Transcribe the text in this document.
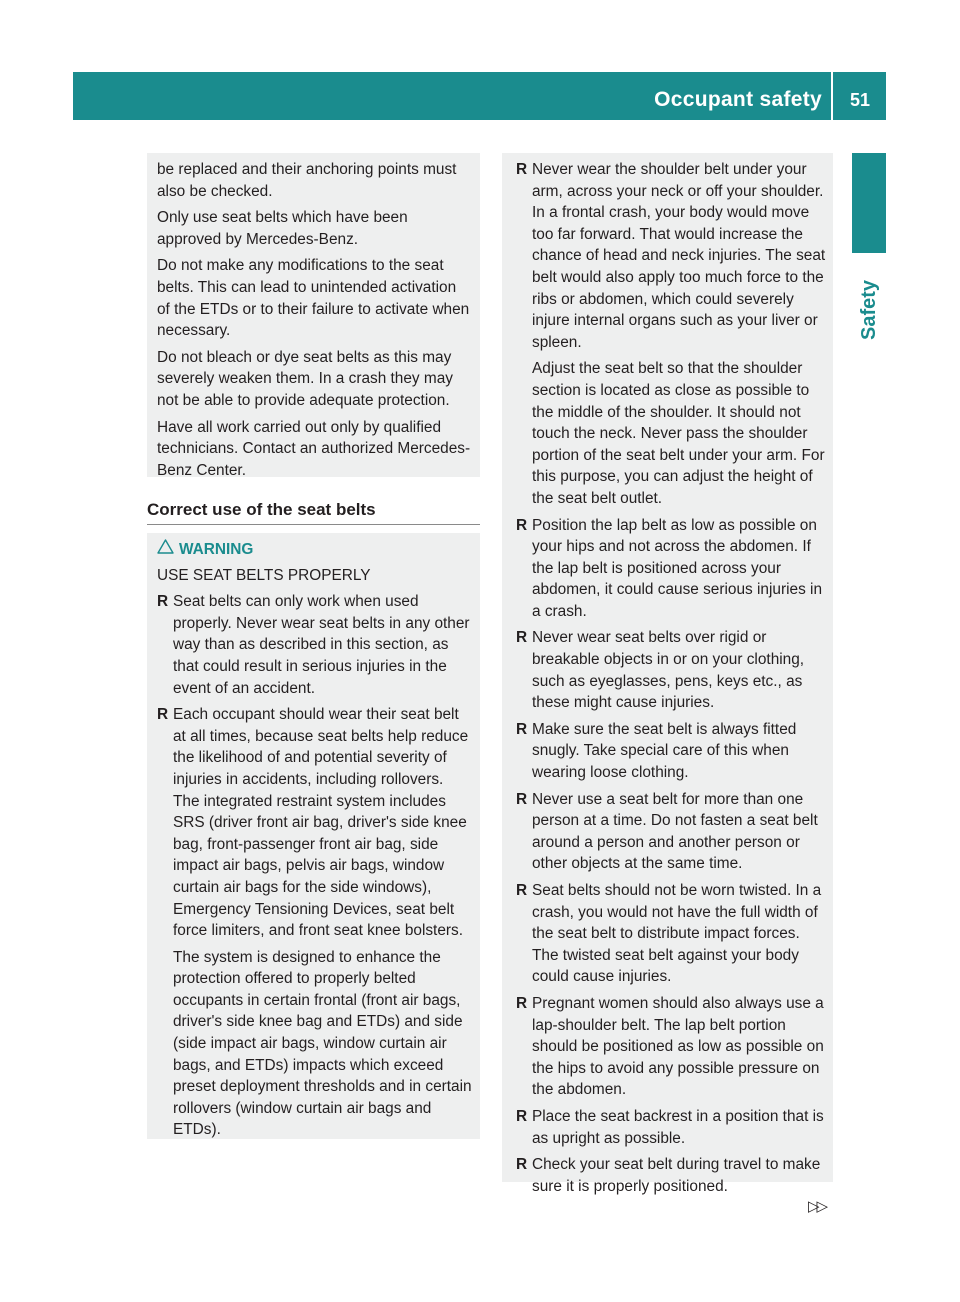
Occupant safety	51
Safety

be replaced and their anchoring points must also be checked.

Only use seat belts which have been approved by Mercedes-Benz.

Do not make any modifications to the seat belts. This can lead to unintended activation of the ETDs or to their failure to activate when necessary.

Do not bleach or dye seat belts as this may severely weaken them. In a crash they may not be able to provide adequate protection.

Have all work carried out only by qualified technicians. Contact an authorized Mercedes-Benz Center.

Correct use of the seat belts
WARNING
USE SEAT BELTS PROPERLY
R Seat belts can only work when used properly. Never wear seat belts in any other way than as described in this section, as that could result in serious injuries in the event of an accident.

R Each occupant should wear their seat belt at all times, because seat belts help reduce the likelihood of and potential severity of injuries in accidents, including rollovers. The integrated restraint system includes SRS (driver front air bag, driver's side knee bag, front-passenger front air bag, side impact air bags, pelvis air bags, window curtain air bags for the side windows), Emergency Tensioning Devices, seat belt force limiters, and front seat knee bolsters.

The system is designed to enhance the protection offered to properly belted occupants in certain frontal (front air bags, driver's side knee bag and ETDs) and side (side impact air bags, window curtain air bags, and ETDs) impacts which exceed preset deployment thresholds and in certain rollovers (window curtain air bags and ETDs).

R Never wear the shoulder belt under your arm, across your neck or off your shoulder. In a frontal crash, your body would move too far forward. That would increase the chance of head and neck injuries. The seat belt would also apply too much force to the ribs or abdomen, which could severely injure internal organs such as your liver or spleen.

Adjust the seat belt so that the shoulder section is located as close as possible to the middle of the shoulder. It should not touch the neck. Never pass the shoulder portion of the seat belt under your arm. For this purpose, you can adjust the height of the seat belt outlet.

R Position the lap belt as low as possible on your hips and not across the abdomen. If the lap belt is positioned across your abdomen, it could cause serious injuries in a crash.

R Never wear seat belts over rigid or breakable objects in or on your clothing, such as eyeglasses, pens, keys etc., as these might cause injuries.

R Make sure the seat belt is always fitted snugly. Take special care of this when wearing loose clothing.

R Never use a seat belt for more than one person at a time. Do not fasten a seat belt around a person and another person or other objects at the same time.

R Seat belts should not be worn twisted. In a crash, you would not have the full width of the seat belt to distribute impact forces. The twisted seat belt against your body could cause injuries.

R Pregnant women should also always use a lap-shoulder belt. The lap belt portion should be positioned as low as possible on the hips to avoid any possible pressure on the abdomen.

R Place the seat backrest in a position that is as upright as possible.

R Check your seat belt during travel to make sure it is properly positioned.

▷▷
